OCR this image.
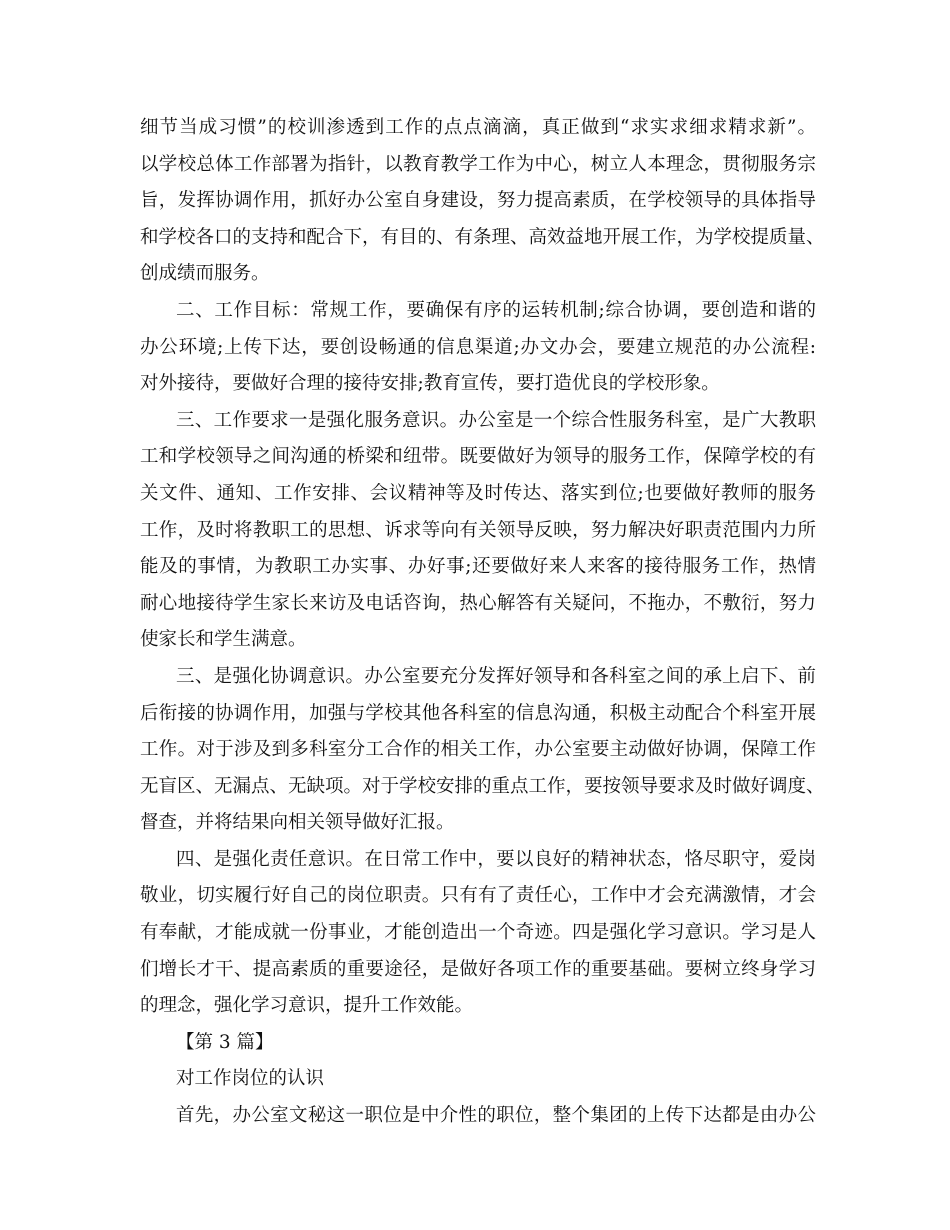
细节当成习惯”的校训渗透到工作的点点滴滴，真正做到“求实求细求精求新”。
以学校总体工作部署为指针，以教育教学工作为中心，树立人本理念，贯彻服务宗
旨，发挥协调作用，抓好办公室自身建设，努力提高素质，在学校领导的具体指导
和学校各口的支持和配合下，有目的、有条理、高效益地开展工作，为学校提质量、
创成绩而服务。
二、工作目标：常规工作，要确保有序的运转机制;综合协调，要创造和谐的
办公环境;上传下达，要创设畅通的信息渠道;办文办会，要建立规范的办公流程:
对外接待，要做好合理的接待安排;教育宣传，要打造优良的学校形象。
三、工作要求一是强化服务意识。办公室是一个综合性服务科室，是广大教职
工和学校领导之间沟通的桥梁和纽带。既要做好为领导的服务工作，保障学校的有
关文件、通知、工作安排、会议精神等及时传达、落实到位;也要做好教师的服务
工作，及时将教职工的思想、诉求等向有关领导反映，努力解决好职责范围内力所
能及的事情，为教职工办实事、办好事;还要做好来人来客的接待服务工作，热情
耐心地接待学生家长来访及电话咨询，热心解答有关疑问，不拖办，不敷衍，努力
使家长和学生满意。
三、是强化协调意识。办公室要充分发挥好领导和各科室之间的承上启下、前
后衔接的协调作用，加强与学校其他各科室的信息沟通，积极主动配合个科室开展
工作。对于涉及到多科室分工合作的相关工作，办公室要主动做好协调，保障工作
无盲区、无漏点、无缺项。对于学校安排的重点工作，要按领导要求及时做好调度、
督查，并将结果向相关领导做好汇报。
四、是强化责任意识。在日常工作中，要以良好的精神状态，恪尽职守，爱岗
敬业，切实履行好自己的岗位职责。只有有了责任心，工作中才会充满激情，才会
有奉献，才能成就一份事业，才能创造出一个奇迹。四是强化学习意识。学习是人
们增长才干、提高素质的重要途径，是做好各项工作的重要基础。要树立终身学习
的理念，强化学习意识，提升工作效能。
【第 3 篇】
对工作岗位的认识
首先，办公室文秘这一职位是中介性的职位，整个集团的上传下达都是由办公
